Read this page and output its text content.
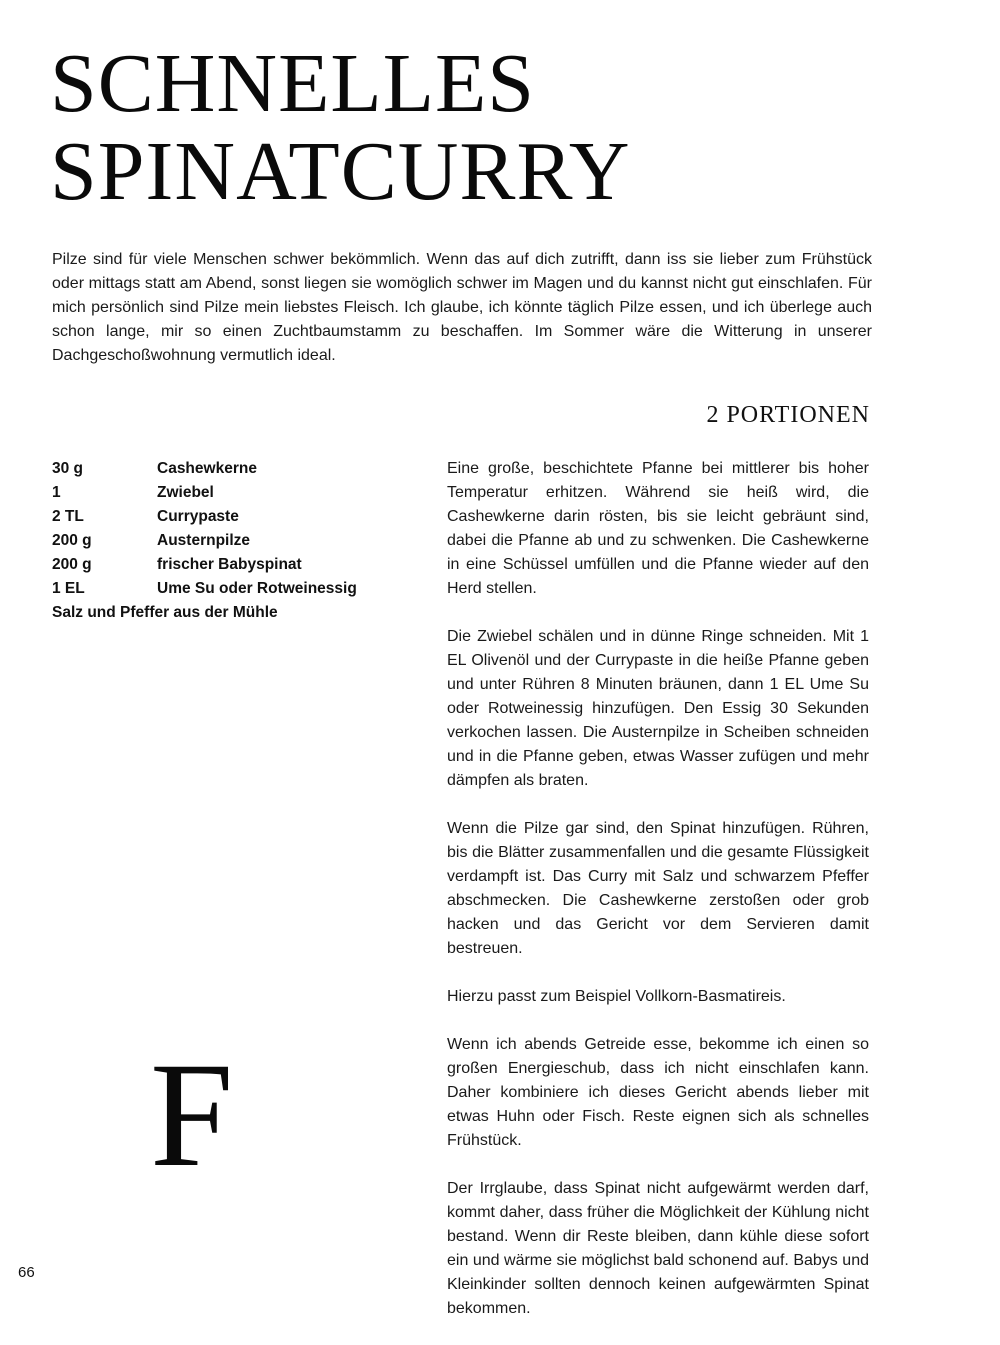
SCHNELLES
SPINATCURRY

Pilze sind für viele Menschen schwer bekömmlich. Wenn das auf dich zutrifft, dann iss sie lieber zum Frühstück oder mittags statt am Abend, sonst liegen sie womöglich schwer im Magen und du kannst nicht gut einschlafen. Für mich persönlich sind Pilze mein liebstes Fleisch. Ich glaube, ich könnte täglich Pilze essen, und ich überlege auch schon lange, mir so einen Zuchtbaumstamm zu beschaffen. Im Sommer wäre die Witterung in unserer Dachgeschoßwohnung vermutlich ideal.

2 PORTIONEN
30 g	Cashewkerne
1	Zwiebel
2 TL	Currypaste
200 g	Austernpilze
200 g	frischer Babyspinat
1 EL	Ume Su oder Rotweinessig
Salz und Pfeffer aus der Mühle

Eine große, beschichtete Pfanne bei mittlerer bis hoher Temperatur erhitzen. Während sie heiß wird, die Cashewkerne darin rösten, bis sie leicht gebräunt sind, dabei die Pfanne ab und zu schwenken. Die Cashewkerne in eine Schüssel umfüllen und die Pfanne wieder auf den Herd stellen.

Die Zwiebel schälen und in dünne Ringe schneiden. Mit 1 EL Olivenöl und der Currypaste in die heiße Pfanne geben und unter Rühren 8 Minuten bräunen, dann 1 EL Ume Su oder Rotweinessig hinzufügen. Den Essig 30 Sekunden verkochen lassen. Die Austernpilze in Scheiben schneiden und in die Pfanne geben, etwas Wasser zufügen und mehr dämpfen als braten.

Wenn die Pilze gar sind, den Spinat hinzufügen. Rühren, bis die Blätter zusammenfallen und die gesamte Flüssigkeit verdampft ist. Das Curry mit Salz und schwarzem Pfeffer abschmecken. Die Cashewkerne zerstoßen oder grob hacken und das Gericht vor dem Servieren damit bestreuen.

Hierzu passt zum Beispiel Vollkorn-Basmatireis.

Wenn ich abends Getreide esse, bekomme ich einen so großen Energieschub, dass ich nicht einschlafen kann. Daher kombiniere ich dieses Gericht abends lieber mit etwas Huhn oder Fisch. Reste eignen sich als schnelles Frühstück.

Der Irrglaube, dass Spinat nicht aufgewärmt werden darf, kommt daher, dass früher die Möglichkeit der Kühlung nicht bestand. Wenn dir Reste bleiben, dann kühle diese sofort ein und wärme sie möglichst bald schonend auf. Babys und Kleinkinder sollten dennoch keinen aufgewärmten Spinat bekommen.

F
66
